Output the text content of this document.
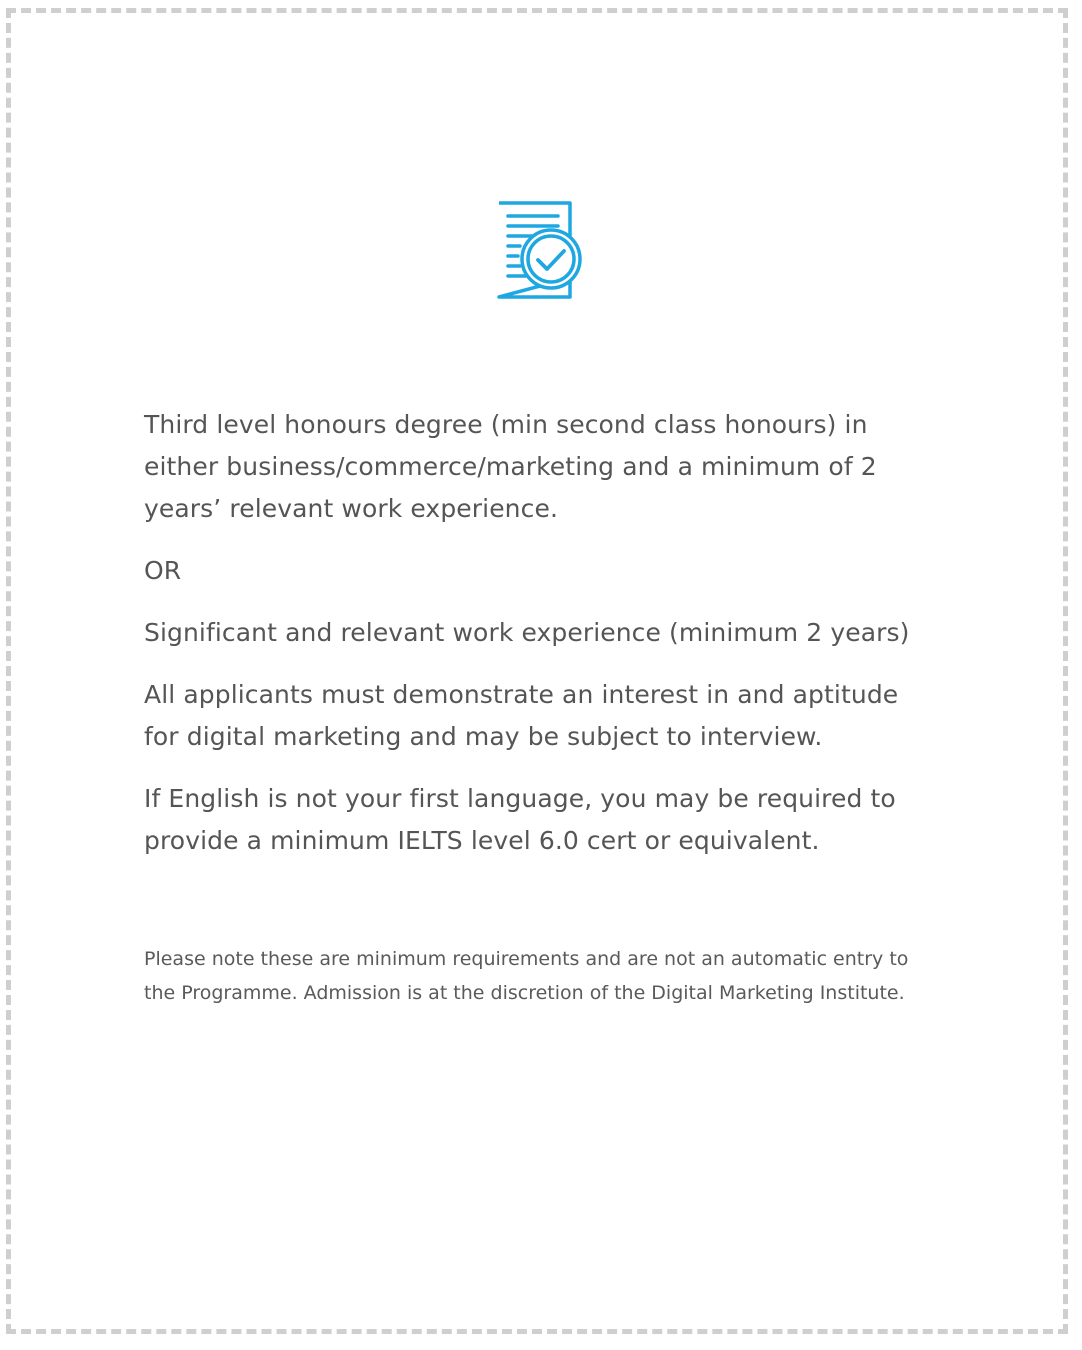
Third level honours degree (min second class honours) in either business/commerce/marketing and a minimum of 2 years’ relevant work experience.

OR

Significant and relevant work experience (minimum 2 years)

All applicants must demonstrate an interest in and aptitude for digital marketing and may be subject to interview.

If English is not your first language, you may be required to provide a minimum IELTS level 6.0 cert or equivalent.

Please note these are minimum requirements and are not an automatic entry to the Programme. Admission is at the discretion of the Digital Marketing Institute.
